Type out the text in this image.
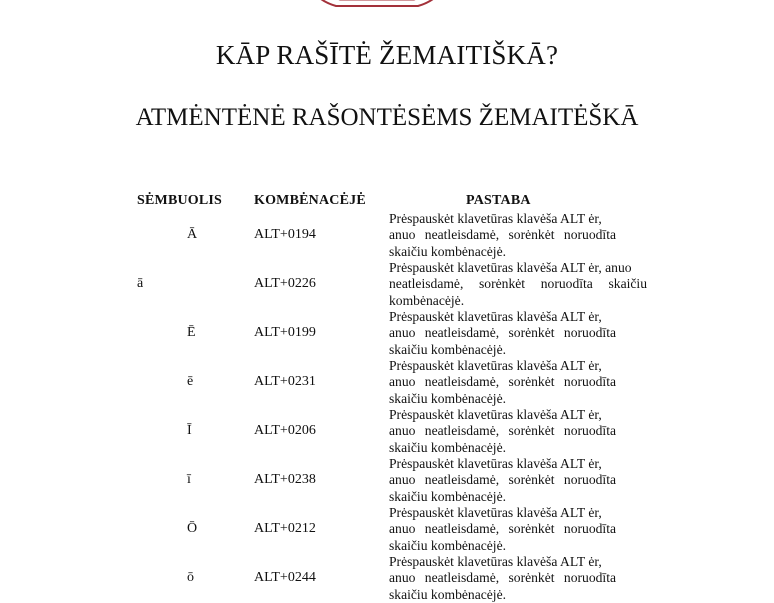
KĀP RAŠĪTĖ ŽEMAITIŠKĀ?
ATMĖNTĖNĖ RAŠONTĖSĖMS ŽEMAITĖŠKĀ
SĖMBUOLIS KOMBĖNACĖJĖ	PASTABA
Ā	ALT+0194
Prėspauskėt klavetūras klavėša ALT ėr,
anuo neatleisdamė, sorėnkėt noruodīta
skaičiu kombėnacėjė.
ā	ALT+0226
Prėspauskėt klavetūras klavėša ALT ėr, anuo
neatleisdamė, sorėnkėt noruodīta skaičiu
kombėnacėjė.
Ē	ALT+0199
Prėspauskėt klavetūras klavėša ALT ėr,
anuo neatleisdamė, sorėnkėt noruodīta
skaičiu kombėnacėjė.
ē	ALT+0231
Prėspauskėt klavetūras klavėša ALT ėr,
anuo neatleisdamė, sorėnkėt noruodīta
skaičiu kombėnacėjė.
Ī	ALT+0206
Prėspauskėt klavetūras klavėša ALT ėr,
anuo neatleisdamė, sorėnkėt noruodīta
skaičiu kombėnacėjė.
ī	ALT+0238
Prėspauskėt klavetūras klavėša ALT ėr,
anuo neatleisdamė, sorėnkėt noruodīta
skaičiu kombėnacėjė.
Ō	ALT+0212
Prėspauskėt klavetūras klavėša ALT ėr,
anuo neatleisdamė, sorėnkėt noruodīta
skaičiu kombėnacėjė.
ō	ALT+0244
Prėspauskėt klavetūras klavėša ALT ėr,
anuo neatleisdamė, sorėnkėt noruodīta
skaičiu kombėnacėjė.
